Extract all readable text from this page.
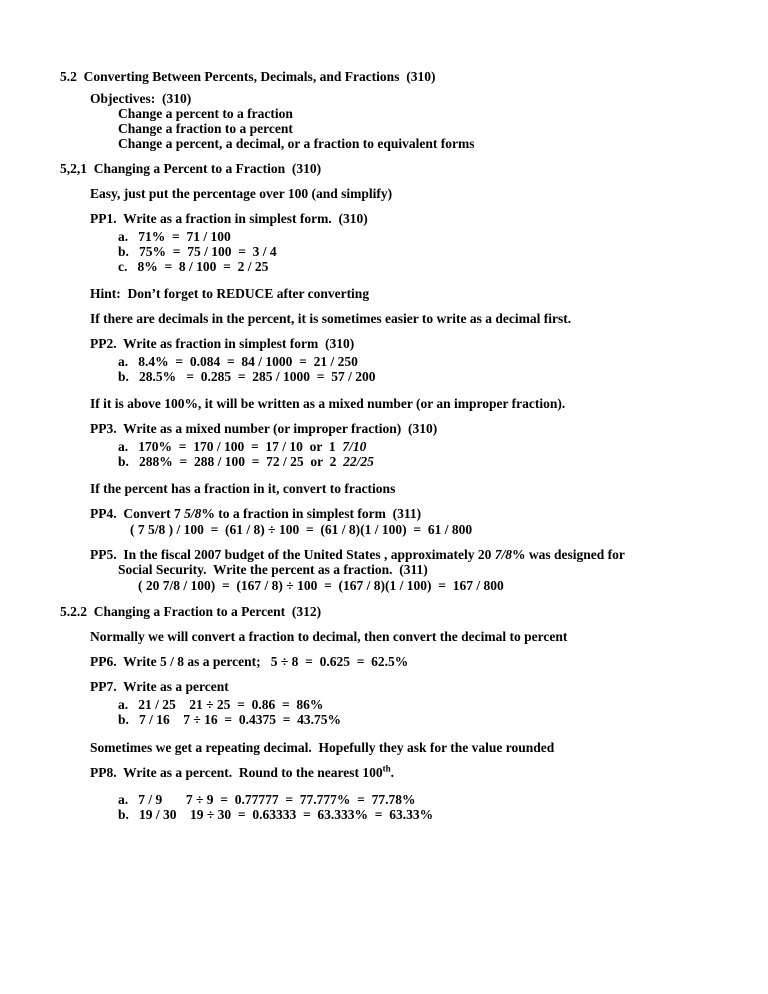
5.2  Converting Between Percents, Decimals, and Fractions  (310)
Objectives:  (310)
Change a percent to a fraction
Change a fraction to a percent
Change a percent, a decimal, or a fraction to equivalent forms
5,2,1  Changing a Percent to a Fraction  (310)
Easy, just put the percentage over 100 (and simplify)
PP1.  Write as a fraction in simplest form.  (310)
a.   71%  =  71 / 100
b.   75%  =  75 / 100  =  3 / 4
c.   8%  =  8 / 100  =  2 / 25
Hint:  Don’t forget to REDUCE after converting
If there are decimals in the percent, it is sometimes easier to write as a decimal first.
PP2.  Write as fraction in simplest form  (310)
a.   8.4%  =  0.084  =  84 / 1000  =  21 / 250
b.   28.5%   =  0.285  =  285 / 1000  =  57 / 200
If it is above 100%, it will be written as a mixed number (or an improper fraction).
PP3.  Write as a mixed number (or improper fraction)  (310)
a.   170%  =  170 / 100  =  17 / 10  or  1  7/10
b.   288%  =  288 / 100  =  72 / 25  or  2  22/25
If the percent has a fraction in it, convert to fractions
PP4.  Convert 7 5/8% to a fraction in simplest form  (311)
( 7 5/8 ) / 100  =  (61 / 8) ÷ 100  =  (61 / 8)(1 / 100)  =  61 / 800
PP5.  In the fiscal 2007 budget of the United States , approximately 20 7/8% was designed for
Social Security.  Write the percent as a fraction.  (311)
( 20 7/8 / 100)  =  (167 / 8) ÷ 100  =  (167 / 8)(1 / 100)  =  167 / 800
5.2.2  Changing a Fraction to a Percent  (312)
Normally we will convert a fraction to decimal, then convert the decimal to percent
PP6.  Write 5 / 8 as a percent;   5 ÷ 8  =  0.625  =  62.5%
PP7.  Write as a percent
a.   21 / 25    21 ÷ 25  =  0.86  =  86%
b.   7 / 16    7 ÷ 16  =  0.4375  =  43.75%
Sometimes we get a repeating decimal.  Hopefully they ask for the value rounded
PP8.  Write as a percent.  Round to the nearest 100th.
a.   7 / 9       7 ÷ 9  =  0.77777  =  77.777%  =  77.78%
b.   19 / 30    19 ÷ 30  =  0.63333  =  63.333%  =  63.33%
